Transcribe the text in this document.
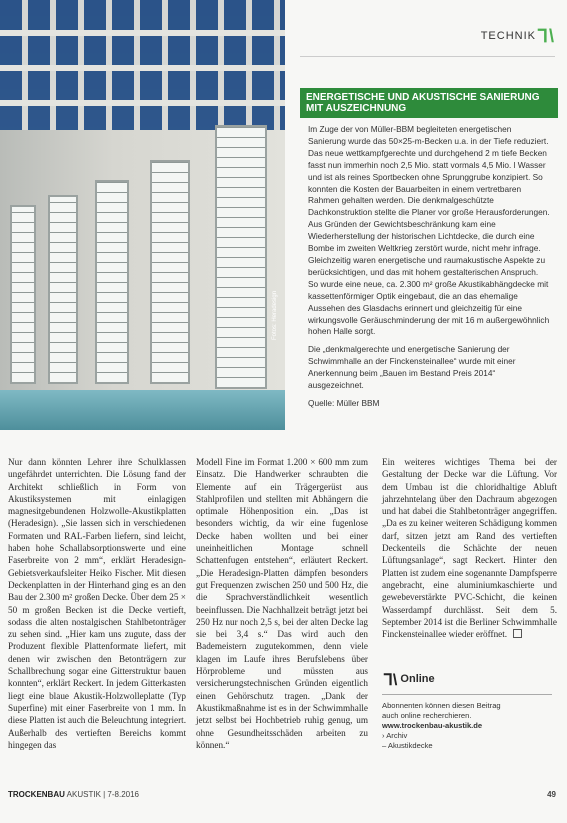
Fotos: Heradesign
TECHNIK ⅂\
ENERGETISCHE UND AKUSTISCHE SANIERUNG MIT AUSZEICHNUNG

Im Zuge der von Müller-BBM begleiteten energetischen Sanierung wurde das 50×25-m-Becken u.a. in der Tiefe reduziert. Das neue wettkampfgerechte und durchgehend 2 m tiefe Becken fasst nun immerhin noch 2,5 Mio. statt vormals 4,5 Mio. l Wasser und ist als reines Sportbecken ohne Sprunggrube konzipiert. So konnten die Kosten der Bauarbeiten in einem vertretbaren Rahmen gehalten werden. Die denkmalgeschützte Dachkonstruktion stellte die Planer vor große Herausforderungen. Aus Gründen der Gewichtsbeschränkung kam eine Wiederherstellung der historischen Lichtdecke, die durch eine Bombe im zweiten Weltkrieg zerstört wurde, nicht mehr infrage. Gleichzeitig waren energetische und raumakustische Aspekte zu berücksichtigen, und das mit hohem gestalterischen Anspruch. So wurde eine neue, ca. 2.300 m² große Akustikabhängdecke mit kassettenförmiger Optik eingebaut, die an das ehemalige Aussehen des Glasdachs erinnert und gleichzeitig für eine wirkungsvolle Geräuschminderung der mit 16 m außergewöhnlich hohen Halle sorgt.

Die „denkmalgerechte und energetische Sanierung der Schwimmhalle an der Finckensteinallee“ wurde mit einer Anerkennung beim „Bauen im Bestand Preis 2014“ ausgezeichnet.

Quelle: Müller BBM

Nur dann könnten Lehrer ihre Schulklassen ungefährdet unterrichten. Die Lösung fand der Architekt schließlich in Form von Akustiksystemen mit einlagigen magnesitgebundenen Holzwolle-Akustikplatten (Heradesign). „Sie lassen sich in verschiedenen Formaten und RAL-Farben liefern, sind leicht, haben hohe Schallabsorptionswerte und eine Faserbreite von 2 mm“, erklärt Heradesign-Gebietsverkaufsleiter Heiko Fischer. Mit diesen Deckenplatten in der Hinterhand ging es an den Bau der 2.300 m² großen Decke. Über dem 25 × 50 m großen Becken ist die Decke vertieft, sodass die alten nostalgischen Stahlbetonträger zu sehen sind. „Hier kam uns zugute, dass der Produzent flexible Plattenformate liefert, mit denen wir zwischen den Betonträgern zur Schallbrechung sogar eine Gitterstruktur bauen konnten“, erklärt Reckert. In jedem Gitterkasten liegt eine blaue Akustik-Holzwolleplatte (Typ Superfine) mit einer Faserbreite von 1 mm. In diese Platten ist auch die Beleuchtung integriert. Außerhalb des vertieften Bereichs kommt hingegen das

Modell Fine im Format 1.200 × 600 mm zum Einsatz. Die Handwerker schraubten die Elemente auf ein Trägergerüst aus Stahlprofilen und stellten mit Abhängern die optimale Höhenposition ein. „Das ist besonders wichtig, da wir eine fugenlose Decke haben wollten und bei einer uneinheitlichen Montage schnell Schattenfugen entstehen“, erläutert Reckert. „Die Heradesign-Platten dämpfen besonders gut Frequenzen zwischen 250 und 500 Hz, die die Sprachverständlichkeit wesentlich beeinflussen. Die Nachhallzeit beträgt jetzt bei 250 Hz nur noch 2,5 s, bei der alten Decke lag sie bei 3,4 s.“ Das wird auch den Bademeistern zugutekommen, denn viele klagen im Laufe ihres Berufslebens über Hörprobleme und müssten aus versicherungstechnischen Gründen eigentlich einen Gehörschutz tragen. „Dank der Akustikmaßnahme ist es in der Schwimmhalle jetzt selbst bei Hochbetrieb ruhig genug, um ohne Gesundheitsschäden arbeiten zu können.“

Ein weiteres wichtiges Thema bei der Gestaltung der Decke war die Lüftung. Vor dem Umbau ist die chloridhaltige Abluft jahrzehntelang über den Dachraum abgezogen und hat dabei die Stahlbetonträger angegriffen. „Da es zu keiner weiteren Schädigung kommen darf, sitzen jetzt am Rand des vertieften Deckenteils die Schächte der neuen Lüftungsanlage“, sagt Reckert. Hinter den Platten ist zudem eine sogenannte Dampfsperre angebracht, eine aluminiumkaschierte und gewebeverstärkte PVC-Schicht, die keinen Wasserdampf durchlässt. Seit dem 5. September 2014 ist die Berliner Schwimmhalle Finckensteinallee wieder eröffnet.

⅂\ Online
Abonnenten können diesen Beitrag
auch online recherchieren.
www.trockenbau-akustik.de
› Archiv
– Akustikdecke
TROCKENBAU AKUSTIK | 7-8.2016	49
